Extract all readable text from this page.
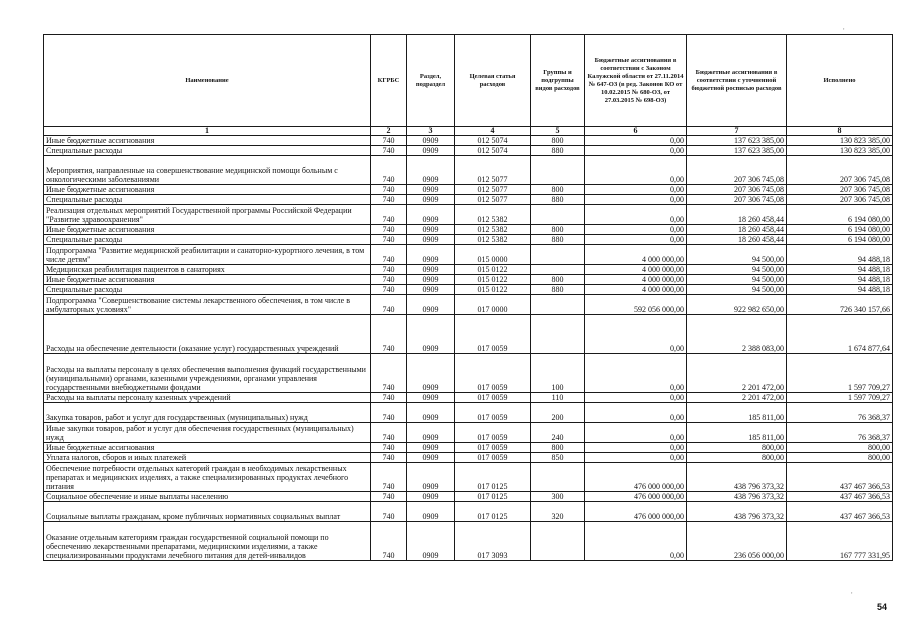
Наименование	КГРБС	Раздел, подраздел	Целевая статья расходов	Группы и подгруппы видов расходов	Бюджетные ассигнования в соответствии с Законом Калужской области от 27.11.2014 № 647-ОЗ (в ред. Законов КО от 10.02.2015 № 680-ОЗ, от 27.03.2015 № 698-ОЗ)	Бюджетные ассигнования в соответствии с уточненной бюджетной росписью расходов	Исполнено
1	2	3	4	5	6	7	8
Иные бюджетные ассигнования	740	0909	012 5074	800	0,00	137 623 385,00	130 823 385,00
Специальные расходы	740	0909	012 5074	880	0,00	137 623 385,00	130 823 385,00
Мероприятия, направленные на совершенствование медицинской помощи больным с онкологическими заболеваниями	740	0909	012 5077		0,00	207 306 745,08	207 306 745,08
Иные бюджетные ассигнования	740	0909	012 5077	800	0,00	207 306 745,08	207 306 745,08
Специальные расходы	740	0909	012 5077	880	0,00	207 306 745,08	207 306 745,08
Реализация отдельных мероприятий Государственной программы Российской Федерации "Развитие здравоохранения"	740	0909	012 5382		0,00	18 260 458,44	6 194 080,00
Иные бюджетные ассигнования	740	0909	012 5382	800	0,00	18 260 458,44	6 194 080,00
Специальные расходы	740	0909	012 5382	880	0,00	18 260 458,44	6 194 080,00
Подпрограмма "Развитие медицинской реабилитации и санаторно-курортного лечения, в том числе детям"	740	0909	015 0000		4 000 000,00	94 500,00	94 488,18
Медицинская реабилитация пациентов в санаториях	740	0909	015 0122		4 000 000,00	94 500,00	94 488,18
Иные бюджетные ассигнования	740	0909	015 0122	800	4 000 000,00	94 500,00	94 488,18
Специальные расходы	740	0909	015 0122	880	4 000 000,00	94 500,00	94 488,18
Подпрограмма "Совершенствование системы лекарственного обеспечения, в том числе в амбулаторных условиях"	740	0909	017 0000		592 056 000,00	922 982 650,00	726 340 157,66
Расходы на обеспечение деятельности (оказание услуг) государственных учреждений	740	0909	017 0059		0,00	2 388 083,00	1 674 877,64
Расходы на выплаты персоналу в целях обеспечения выполнения функций государственными (муниципальными) органами, казенными учреждениями, органами управления государственными внебюджетными фондами	740	0909	017 0059	100	0,00	2 201 472,00	1 597 709,27
Расходы на выплаты персоналу казенных учреждений	740	0909	017 0059	110	0,00	2 201 472,00	1 597 709,27
Закупка товаров, работ и услуг для государственных (муниципальных) нужд	740	0909	017 0059	200	0,00	185 811,00	76 368,37
Иные закупки товаров, работ и услуг для обеспечения государственных (муниципальных) нужд	740	0909	017 0059	240	0,00	185 811,00	76 368,37
Иные бюджетные ассигнования	740	0909	017 0059	800	0,00	800,00	800,00
Уплата налогов, сборов и иных платежей	740	0909	017 0059	850	0,00	800,00	800,00
Обеспечение потребности отдельных категорий граждан в необходимых лекарственных препаратах и медицинских изделиях, а также специализированных продуктах лечебного питания	740	0909	017 0125		476 000 000,00	438 796 373,32	437 467 366,53
Социальное обеспечение и иные выплаты населению	740	0909	017 0125	300	476 000 000,00	438 796 373,32	437 467 366,53
Социальные выплаты гражданам, кроме публичных нормативных социальных выплат	740	0909	017 0125	320	476 000 000,00	438 796 373,32	437 467 366,53
Оказание отдельным категориям граждан государственной социальной помощи по обеспечению лекарственными препаратами, медицинскими изделиями, а также специализированными продуктами лечебного питания для детей-инвалидов	740	0909	017 3093		0,00	236 056 000,00	167 777 331,95
'
'
54
